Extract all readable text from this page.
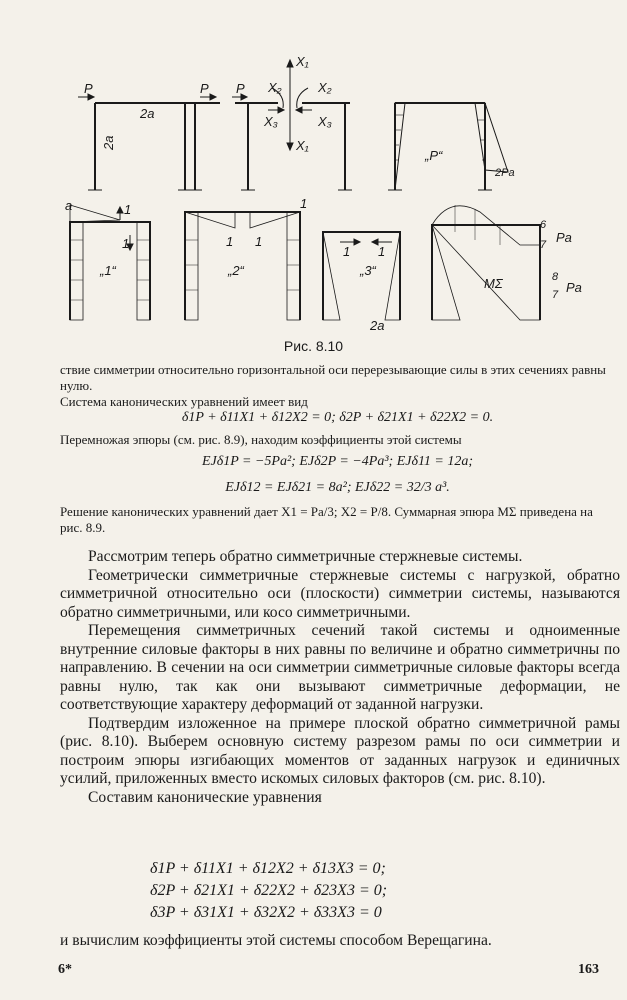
P	P P
2a
2a
X₁
X₁
X₂	X₂
X₃	X₃
„P“
2Pa
a	1
1
„1“
1 1
1
„2“
1 1
„3“
2a
MΣ
6
7 Pa
8
7 Pa
Рис. 8.10

ствие симметрии относительно горизонтальной оси перерезывающие силы в этих сечениях равны нулю.

Система канонических уравнений имеет вид

δ1P + δ11X1 + δ12X2 = 0; δ2P + δ21X1 + δ22X2 = 0.

Перемножая эпюры (см. рис. 8.9), находим коэффициенты этой системы

EJδ1P = −5Pa²; EJδ2P = −4Pa³; EJδ11 = 12a;

EJδ12 = EJδ21 = 8a²; EJδ22 = 32/3 a³.

Решение канонических уравнений дает X1 = Pa/3; X2 = P/8. Суммарная эпюра MΣ приведена на рис. 8.9.

Рассмотрим теперь обратно симметричные стержневые системы.

Геометрически симметричные стержневые системы с нагрузкой, обратно симметричной относительно оси (плоскости) симметрии системы, называются обратно симметричными, или косо симметричными.

Перемещения симметричных сечений такой системы и одноименные внутренние силовые факторы в них равны по величине и обратно симметричны по направлению. В сечении на оси симметрии симметричные силовые факторы всегда равны нулю, так как они вызывают симметричные деформации, не соответствующие характеру деформаций от заданной нагрузки.

Подтвердим изложенное на примере плоской обратно симметричной рамы (рис. 8.10). Выберем основную систему разрезом рамы по оси симметрии и построим эпюры изгибающих моментов от заданных нагрузок и единичных усилий, приложенных вместо искомых силовых факторов (см. рис. 8.10).

Составим канонические уравнения

δ1P + δ11X1 + δ12X2 + δ13X3 = 0;
δ2P + δ21X1 + δ22X2 + δ23X3 = 0;
δ3P + δ31X1 + δ32X2 + δ33X3 = 0

и вычислим коэффициенты этой системы способом Верещагина.

6*	163
